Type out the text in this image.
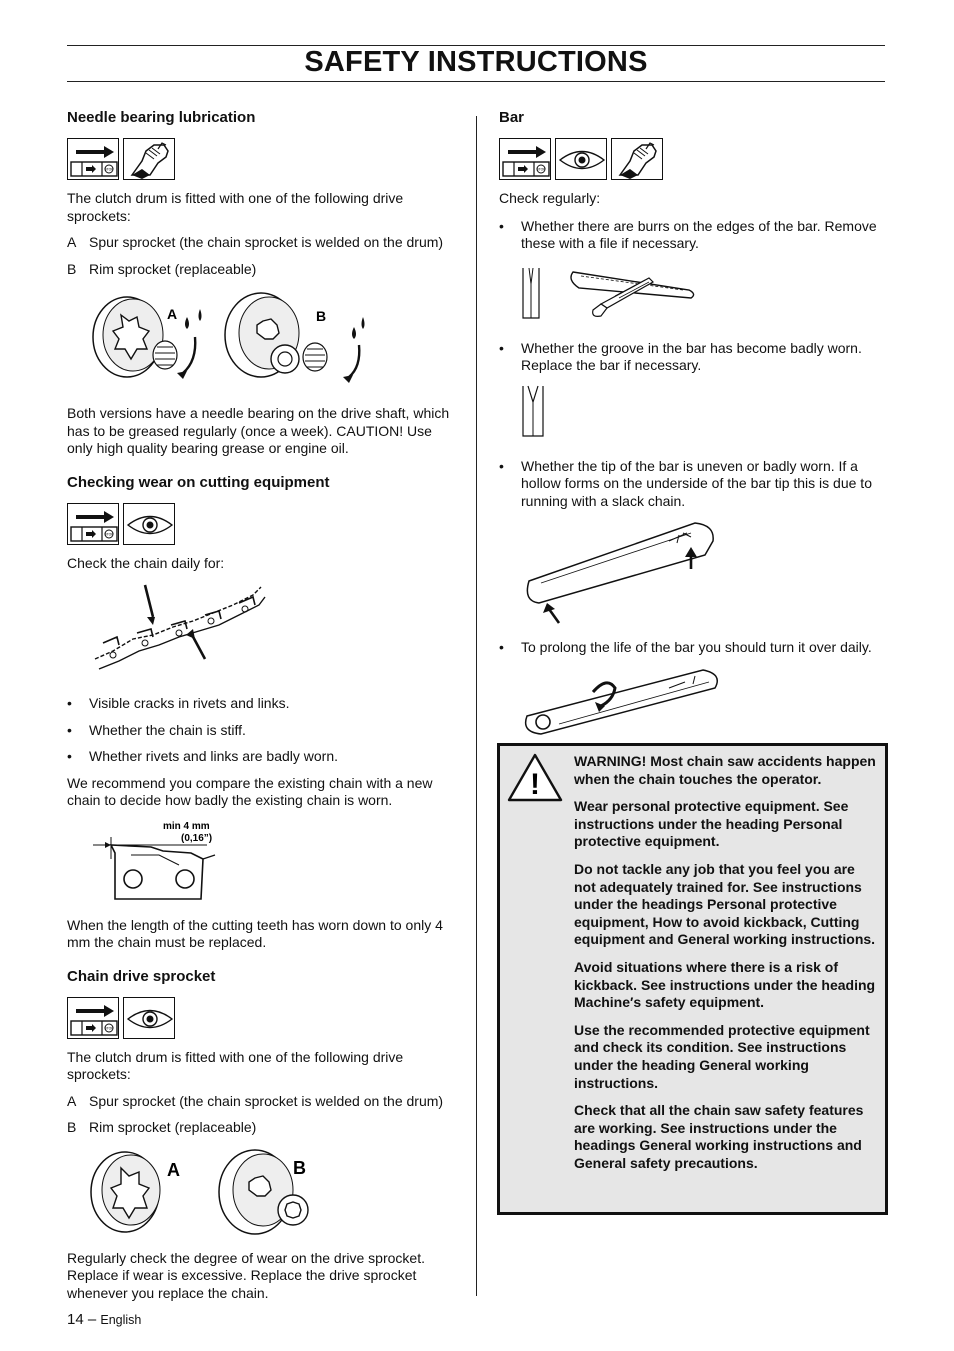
SAFETY INSTRUCTIONS
Needle bearing lubrication
STOP

The clutch drum is fitted with one of the following drive sprockets:

A Spur sprocket (the chain sprocket is welded on the drum)
B Rim sprocket (replaceable)
A	B

Both versions have a needle bearing on the drive shaft, which has to be greased regularly (once a week). CAUTION! Use only high quality bearing grease or engine oil.

Checking wear on cutting equipment
STOP

Check the chain daily for:

•	Visible cracks in rivets and links.
•	Whether the chain is stiff.
•	Whether rivets and links are badly worn.

We recommend you compare the existing chain with a new chain to decide how badly the existing chain is worn.

min 4 mm
(0,16”)

When the length of the cutting teeth has worn down to only 4 mm the chain must be replaced.

Chain drive sprocket
STOP

The clutch drum is fitted with one of the following drive sprockets:

A Spur sprocket (the chain sprocket is welded on the drum)
B Rim sprocket (replaceable)
A	B

Regularly check the degree of wear on the drive sprocket. Replace if wear is excessive. Replace the drive sprocket whenever you replace the chain.

Bar
STOP

Check regularly:

•	Whether there are burrs on the edges of the bar. Remove these with a file if necessary.
•	Whether the groove in the bar has become badly worn. Replace the bar if necessary.
•	Whether the tip of the bar is uneven or badly worn. If a hollow forms on the underside of the bar tip this is due to running with a slack chain.
•	To prolong the life of the bar you should turn it over daily.
!

WARNING! Most chain saw accidents happen when the chain touches the operator.

Wear personal protective equipment. See instructions under the heading Personal protective equipment.

Do not tackle any job that you feel you are not adequately trained for. See instructions under the headings Personal protective equipment, How to avoid kickback, Cutting equipment and General working instructions.

Avoid situations where there is a risk of kickback. See instructions under the heading Machine′s safety equipment.

Use the recommended protective equipment and check its condition. See instructions under the heading General working instructions.

Check that all the chain saw safety features are working. See instructions under the headings General working instructions and General safety precautions.

14 – English
